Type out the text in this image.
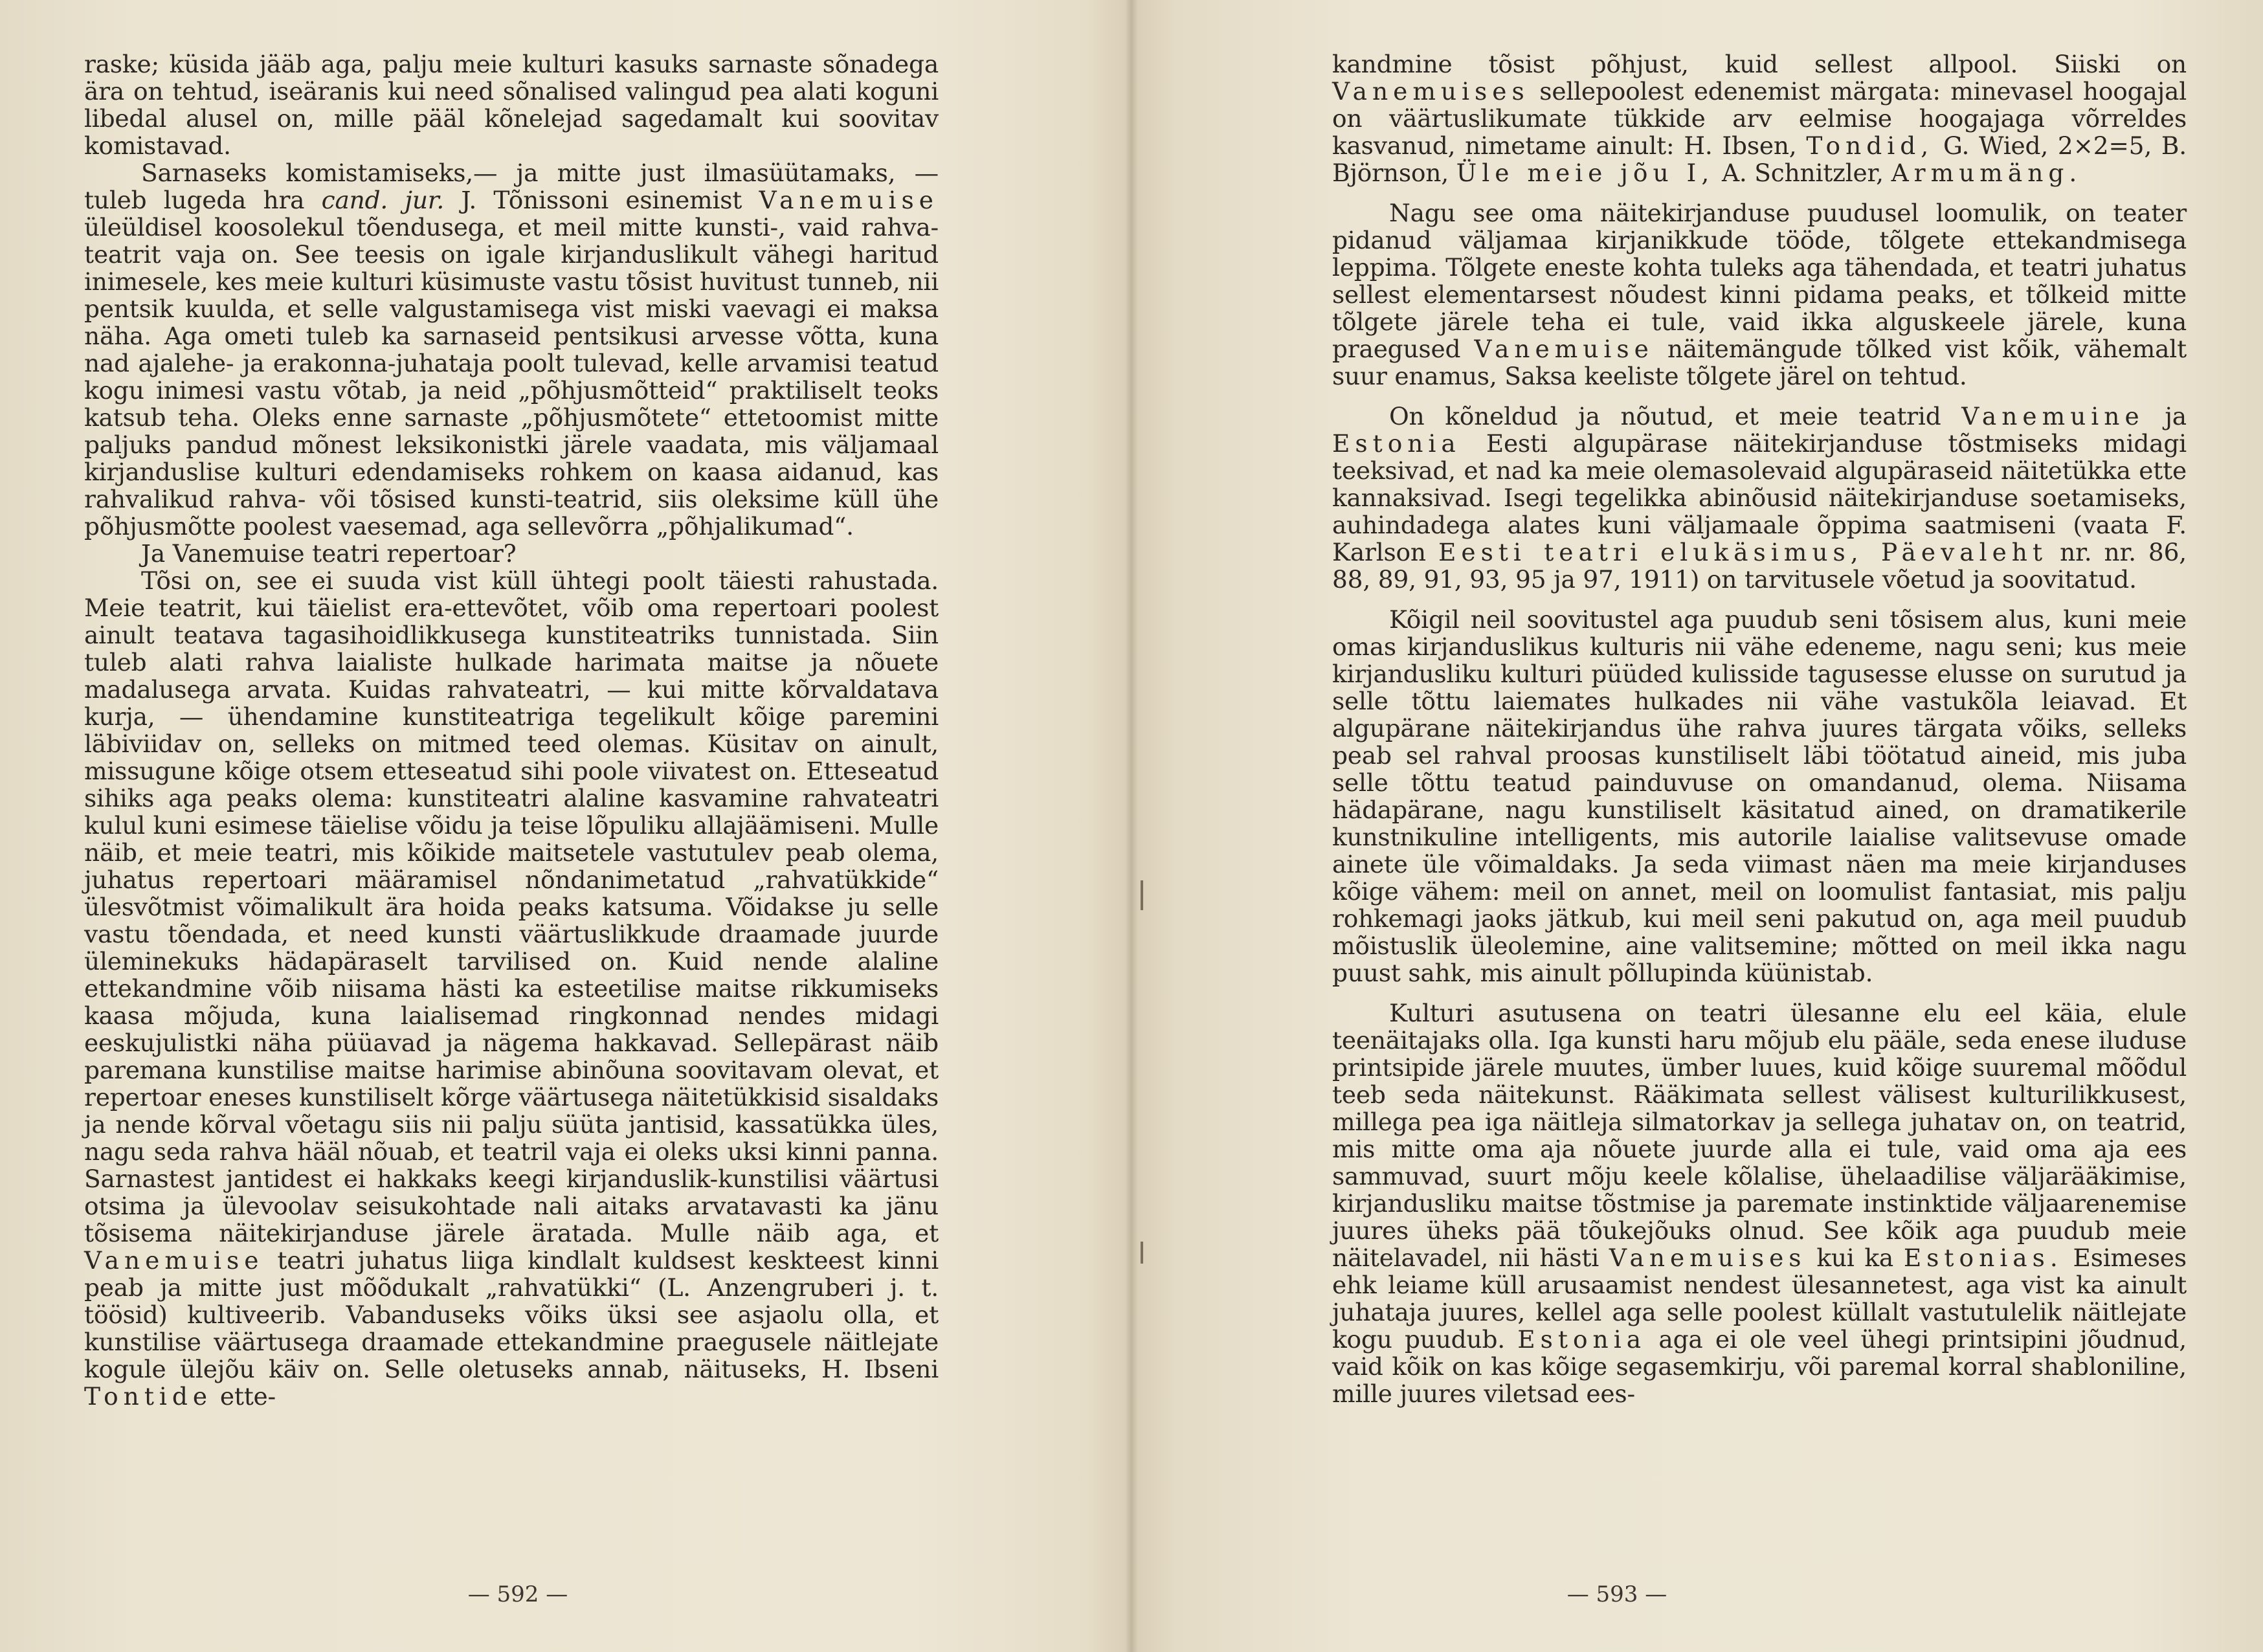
raske; küsida jääb aga, palju meie kulturi kasuks sarnaste sõnadega ära on tehtud, iseäranis kui need sõnalised valingud pea alati koguni libedal alusel on, mille pääl kõnelejad sagedamalt kui soovitav komistavad.

Sarnaseks komistamiseks,— ja mitte just ilmasüütamaks, — tuleb lugeda hra cand. jur. J. Tõnissoni esinemist Vanemuise üleüldisel koosolekul tõendusega, et meil mitte kunsti-, vaid rahva-teatrit vaja on. See teesis on igale kirjanduslikult vähegi haritud inimesele, kes meie kulturi küsimuste vastu tõsist huvitust tunneb, nii pentsik kuulda, et selle valgustamisega vist miski vaevagi ei maksa näha. Aga ometi tuleb ka sarnaseid pentsikusi arvesse võtta, kuna nad ajalehe- ja erakonna-juhataja poolt tulevad, kelle arvamisi teatud kogu inimesi vastu võtab, ja neid „põhjusmõtteid“ praktiliselt teoks katsub teha. Oleks enne sarnaste „põhjusmõtete“ ettetoomist mitte paljuks pandud mõnest leksikonistki järele vaadata, mis väljamaal kirjanduslise kulturi edendamiseks rohkem on kaasa aidanud, kas rahvalikud rahva- või tõsised kunsti-teatrid, siis oleksime küll ühe põhjusmõtte poolest vaesemad, aga sellevõrra „põhjalikumad“.

Ja Vanemuise teatri repertoar?

Tõsi on, see ei suuda vist küll ühtegi poolt täiesti rahustada. Meie teatrit, kui täielist era-ettevõtet, võib oma repertoari poolest ainult teatava tagasihoidlikkusega kunstiteatriks tunnistada. Siin tuleb alati rahva laialiste hulkade harimata maitse ja nõuete madalusega arvata. Kuidas rahvateatri, — kui mitte kõrvaldatava kurja, — ühendamine kunstiteatriga tegelikult kõige paremini läbiviidav on, selleks on mitmed teed olemas. Küsitav on ainult, missugune kõige otsem etteseatud sihi poole viivatest on. Etteseatud sihiks aga peaks olema: kunstiteatri alaline kasvamine rahvateatri kulul kuni esimese täielise võidu ja teise lõpuliku allajäämiseni. Mulle näib, et meie teatri, mis kõikide maitsetele vastutulev peab olema, juhatus repertoari määramisel nõndanimetatud „rahvatükkide“ ülesvõtmist võimalikult ära hoida peaks katsuma. Võidakse ju selle vastu tõendada, et need kunsti väärtuslikkude draamade juurde üleminekuks hädapäraselt tarvilised on. Kuid nende alaline ettekandmine võib niisama hästi ka esteetilise maitse rikkumiseks kaasa mõjuda, kuna laialisemad ringkonnad nendes midagi eeskujulistki näha püüavad ja nägema hakkavad. Sellepärast näib paremana kunstilise maitse harimise abinõuna soovitavam olevat, et repertoar eneses kunstiliselt kõrge väärtusega näitetükkisid sisaldaks ja nende kõrval võetagu siis nii palju süüta jantisid, kassatükka üles, nagu seda rahva hääl nõuab, et teatril vaja ei oleks uksi kinni panna. Sarnastest jantidest ei hakkaks keegi kirjanduslik-kunstilisi väärtusi otsima ja ülevoolav seisukohtade nali aitaks arvatavasti ka jänu tõsisema näitekirjanduse järele äratada. Mulle näib aga, et Vanemuise teatri juhatus liiga kindlalt kuldsest keskteest kinni peab ja mitte just mõõdukalt „rahvatükki“ (L. Anzengruberi j. t. töösid) kultiveerib. Vabanduseks võiks üksi see asjaolu olla, et kunstilise väärtusega draamade ettekandmine praegusele näitlejate kogule ülejõu käiv on. Selle oletuseks annab, näituseks, H. Ibseni Tontide ette-

— 592 —

kandmine tõsist põhjust, kuid sellest allpool. Siiski on Vanemuises sellepoolest edenemist märgata: minevasel hoogajal on väärtuslikumate tükkide arv eelmise hoogajaga võrreldes kasvanud, nimetame ainult: H. Ibsen, Tondid, G. Wied, 2×2=5, B. Björnson, Üle meie jõu I, A. Schnitzler, Armumäng.

Nagu see oma näitekirjanduse puudusel loomulik, on teater pidanud väljamaa kirjanikkude tööde, tõlgete ettekandmisega leppima. Tõlgete eneste kohta tuleks aga tähendada, et teatri juhatus sellest elementarsest nõudest kinni pidama peaks, et tõlkeid mitte tõlgete järele teha ei tule, vaid ikka alguskeele järele, kuna praegused Vanemuise näitemängude tõlked vist kõik, vähemalt suur enamus, Saksa keeliste tõlgete järel on tehtud.

On kõneldud ja nõutud, et meie teatrid Vanemuine ja Estonia Eesti algupärase näitekirjanduse tõstmiseks midagi teeksivad, et nad ka meie olemasolevaid algupäraseid näitetükka ette kannaksivad. Isegi tegelikka abinõusid näitekirjanduse soetamiseks, auhindadega alates kuni väljamaale õppima saatmiseni (vaata F. Karlson Eesti teatri elukäsimus, Päevaleht nr. nr. 86, 88, 89, 91, 93, 95 ja 97, 1911) on tarvitusele võetud ja soovitatud.

Kõigil neil soovitustel aga puudub seni tõsisem alus, kuni meie omas kirjanduslikus kulturis nii vähe edeneme, nagu seni; kus meie kirjandusliku kulturi püüded kulisside tagusesse elusse on surutud ja selle tõttu laiemates hulkades nii vähe vastukõla leiavad. Et algupärane näitekirjandus ühe rahva juures tärgata võiks, selleks peab sel rahval proosas kunstiliselt läbi töötatud aineid, mis juba selle tõttu teatud painduvuse on omandanud, olema. Niisama hädapärane, nagu kunstiliselt käsitatud ained, on dramatikerile kunstnikuline intelligents, mis autorile laialise valitsevuse omade ainete üle võimaldaks. Ja seda viimast näen ma meie kirjanduses kõige vähem: meil on annet, meil on loomulist fantasiat, mis palju rohkemagi jaoks jätkub, kui meil seni pakutud on, aga meil puudub mõistuslik üleolemine, aine valitsemine; mõtted on meil ikka nagu puust sahk, mis ainult põllupinda küünistab.

Kulturi asutusena on teatri ülesanne elu eel käia, elule teenäitajaks olla. Iga kunsti haru mõjub elu pääle, seda enese iluduse printsipide järele muutes, ümber luues, kuid kõige suuremal mõõdul teeb seda näitekunst. Rääkimata sellest välisest kulturilikkusest, millega pea iga näitleja silmatorkav ja sellega juhatav on, on teatrid, mis mitte oma aja nõuete juurde alla ei tule, vaid oma aja ees sammuvad, suurt mõju keele kõlalise, ühelaadilise väljarääkimise, kirjandusliku maitse tõstmise ja paremate instinktide väljaarenemise juures üheks pää tõukejõuks olnud. See kõik aga puudub meie näitelavadel, nii hästi Vanemuises kui ka Estonias. Esimeses ehk leiame küll arusaamist nendest ülesannetest, aga vist ka ainult juhataja juures, kellel aga selle poolest küllalt vastutulelik näitlejate kogu puudub. Estonia aga ei ole veel ühegi printsipini jõudnud, vaid kõik on kas kõige segasemkirju, või paremal korral shabloniline, mille juures viletsad ees-

— 593 —
